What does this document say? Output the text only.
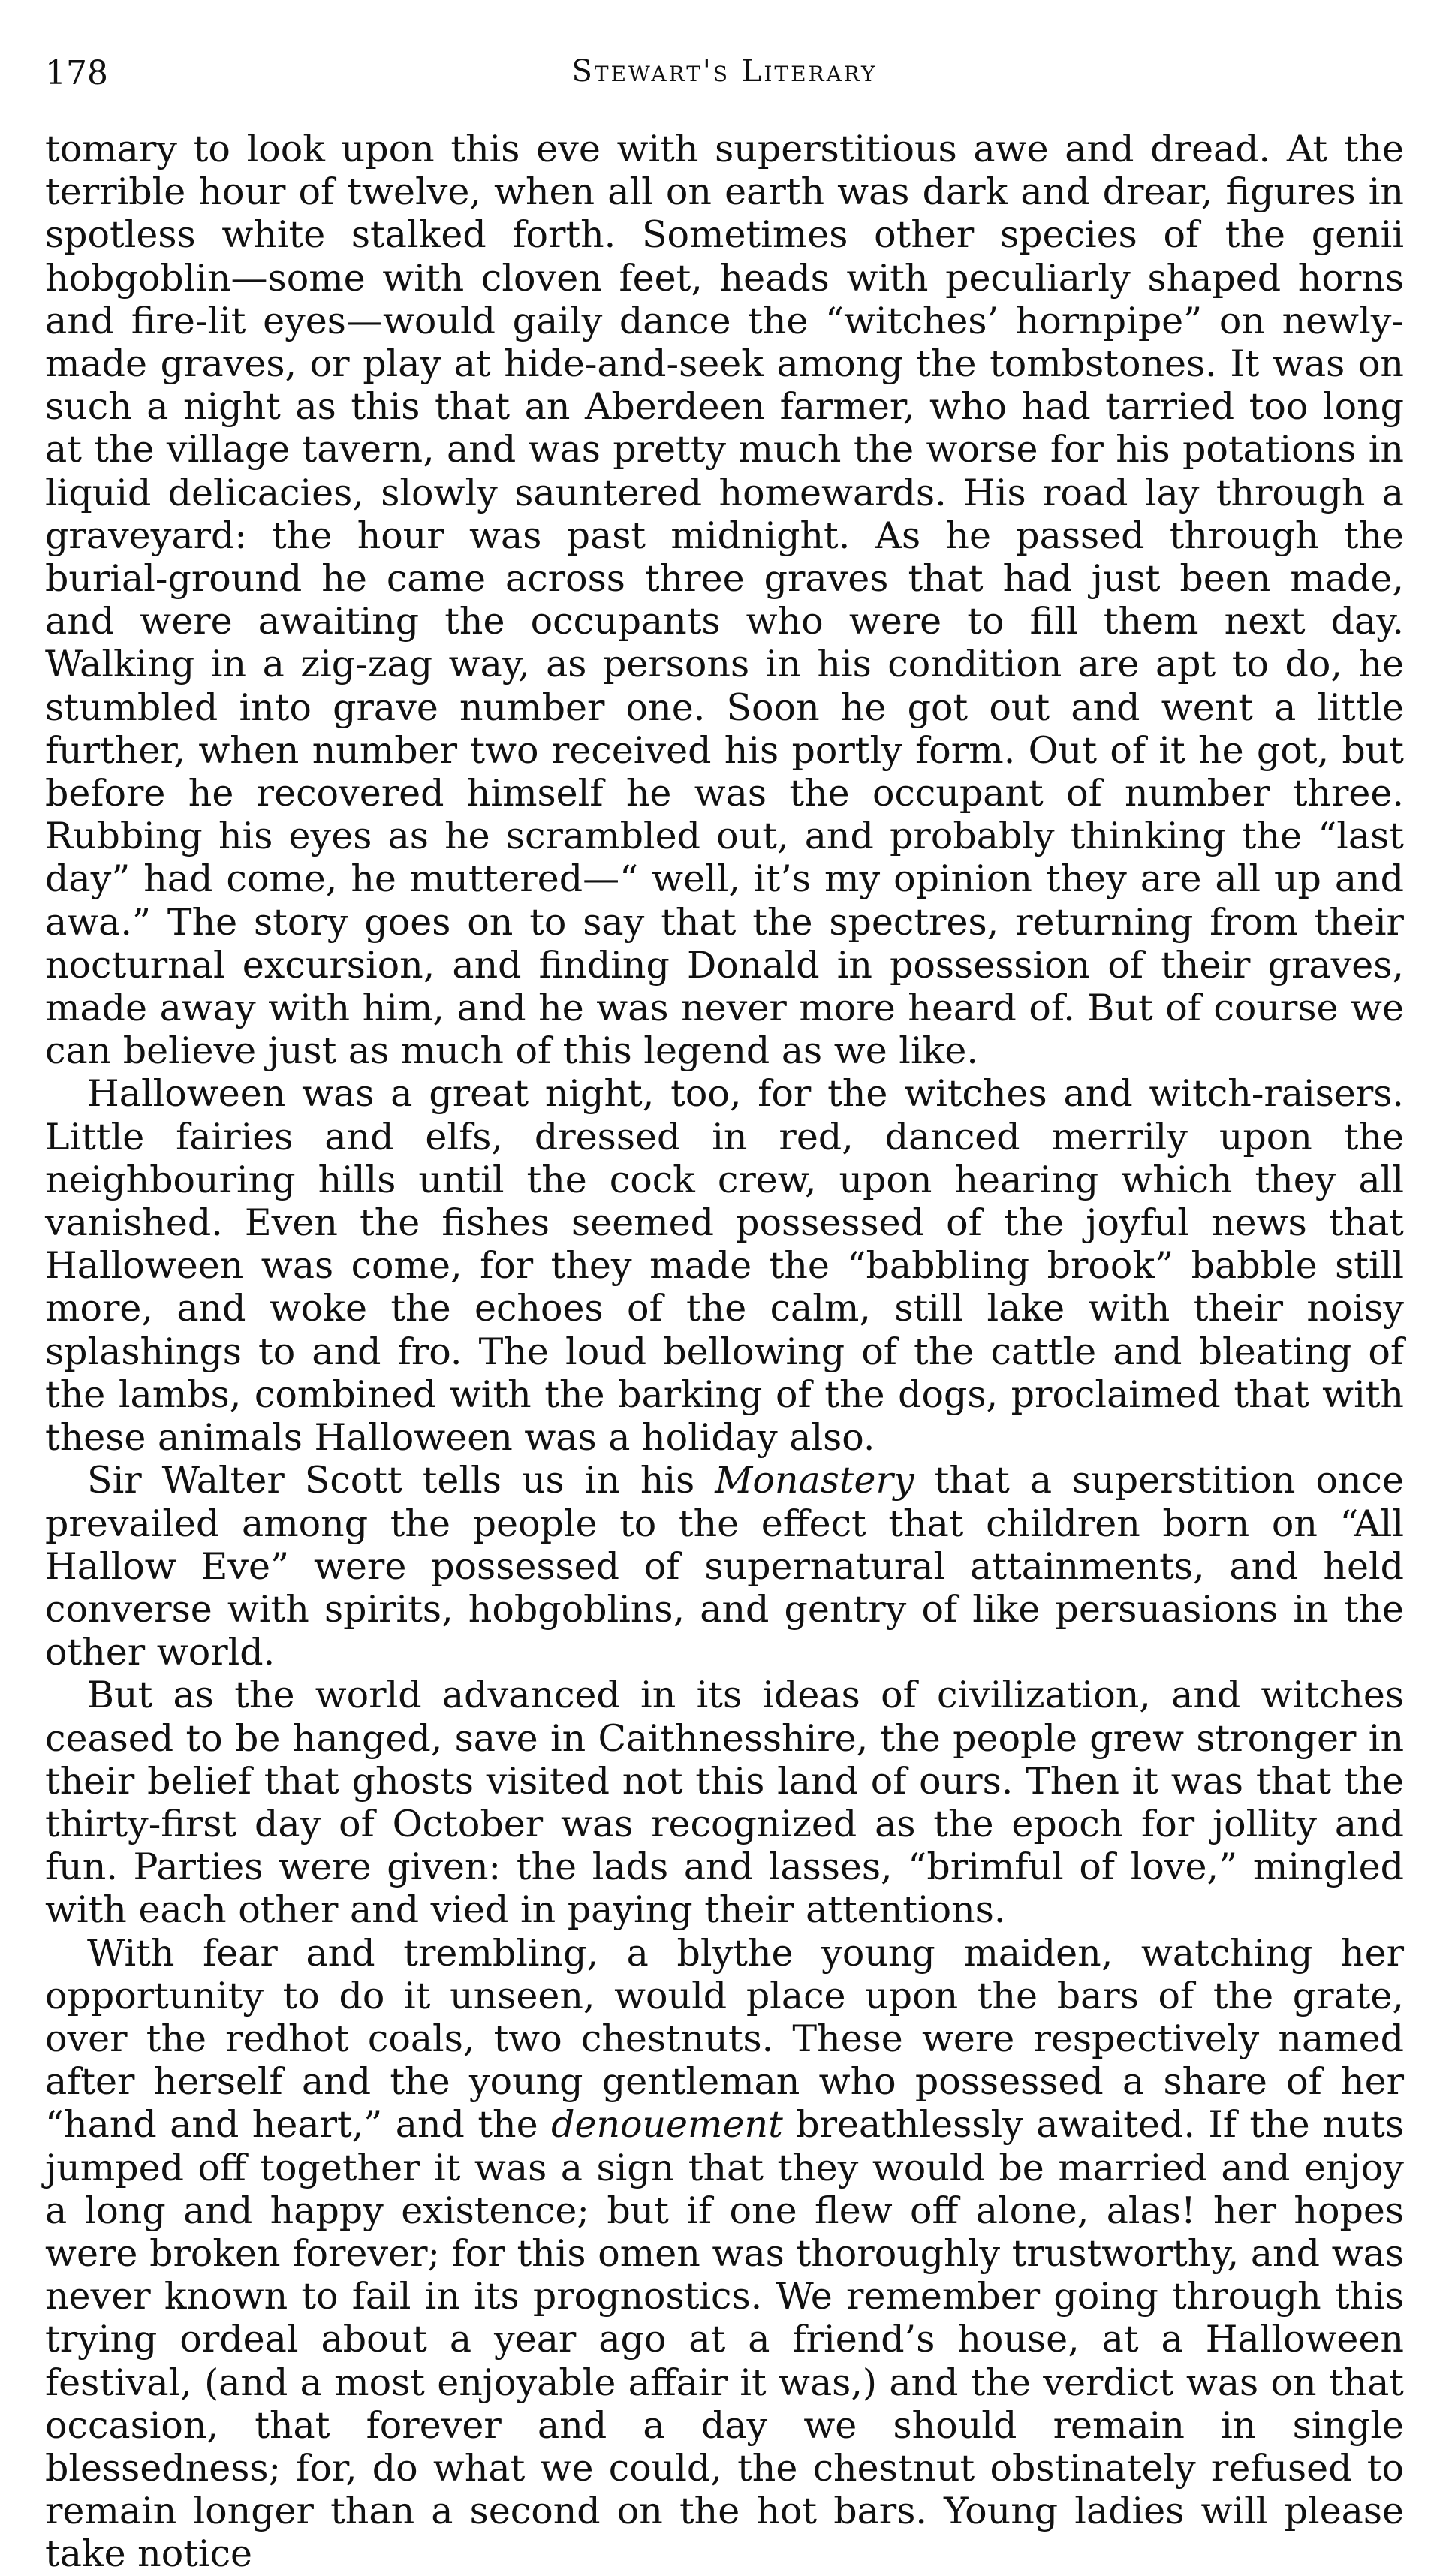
178	Stewart's Literary

tomary to look upon this eve with superstitious awe and dread. At the terrible hour of twelve, when all on earth was dark and drear, figures in spotless white stalked forth. Sometimes other species of the genii hobgoblin—some with cloven feet, heads with peculiarly shaped horns and fire-lit eyes—would gaily dance the “witches’ hornpipe” on newly-made graves, or play at hide-and-seek among the tombstones. It was on such a night as this that an Aberdeen farmer, who had tarried too long at the village tavern, and was pretty much the worse for his potations in liquid delicacies, slowly sauntered homewards. His road lay through a graveyard: the hour was past midnight. As he passed through the burial-ground he came across three graves that had just been made, and were awaiting the occupants who were to fill them next day. Walking in a zig-zag way, as persons in his condition are apt to do, he stumbled into grave number one. Soon he got out and went a little further, when number two received his portly form. Out of it he got, but before he recovered himself he was the occupant of number three. Rubbing his eyes as he scrambled out, and probably thinking the “last day” had come, he muttered—“ well, it’s my opinion they are all up and awa.” The story goes on to say that the spectres, returning from their nocturnal excursion, and finding Donald in possession of their graves, made away with him, and he was never more heard of. But of course we can believe just as much of this legend as we like.

Halloween was a great night, too, for the witches and witch-raisers. Little fairies and elfs, dressed in red, danced merrily upon the neighbouring hills until the cock crew, upon hearing which they all vanished. Even the fishes seemed possessed of the joyful news that Halloween was come, for they made the “babbling brook” babble still more, and woke the echoes of the calm, still lake with their noisy splashings to and fro. The loud bellowing of the cattle and bleating of the lambs, combined with the barking of the dogs, proclaimed that with these animals Halloween was a holiday also.

Sir Walter Scott tells us in his Monastery that a superstition once prevailed among the people to the effect that children born on “All Hallow Eve” were possessed of supernatural attainments, and held converse with spirits, hobgoblins, and gentry of like persuasions in the other world.

But as the world advanced in its ideas of civilization, and witches ceased to be hanged, save in Caithnesshire, the people grew stronger in their belief that ghosts visited not this land of ours. Then it was that the thirty-first day of October was recognized as the epoch for jollity and fun. Parties were given: the lads and lasses, “brimful of love,” mingled with each other and vied in paying their attentions.

With fear and trembling, a blythe young maiden, watching her opportunity to do it unseen, would place upon the bars of the grate, over the redhot coals, two chestnuts. These were respectively named after herself and the young gentleman who possessed a share of her “hand and heart,” and the denouement breathlessly awaited. If the nuts jumped off together it was a sign that they would be married and enjoy a long and happy existence; but if one flew off alone, alas! her hopes were broken forever; for this omen was thoroughly trustworthy, and was never known to fail in its prognostics. We remember going through this trying ordeal about a year ago at a friend’s house, at a Halloween festival, (and a most enjoyable affair it was,) and the verdict was on that occasion, that forever and a day we should remain in single blessedness; for, do what we could, the chestnut obstinately refused to remain longer than a second on the hot bars. Young ladies will please take notice
